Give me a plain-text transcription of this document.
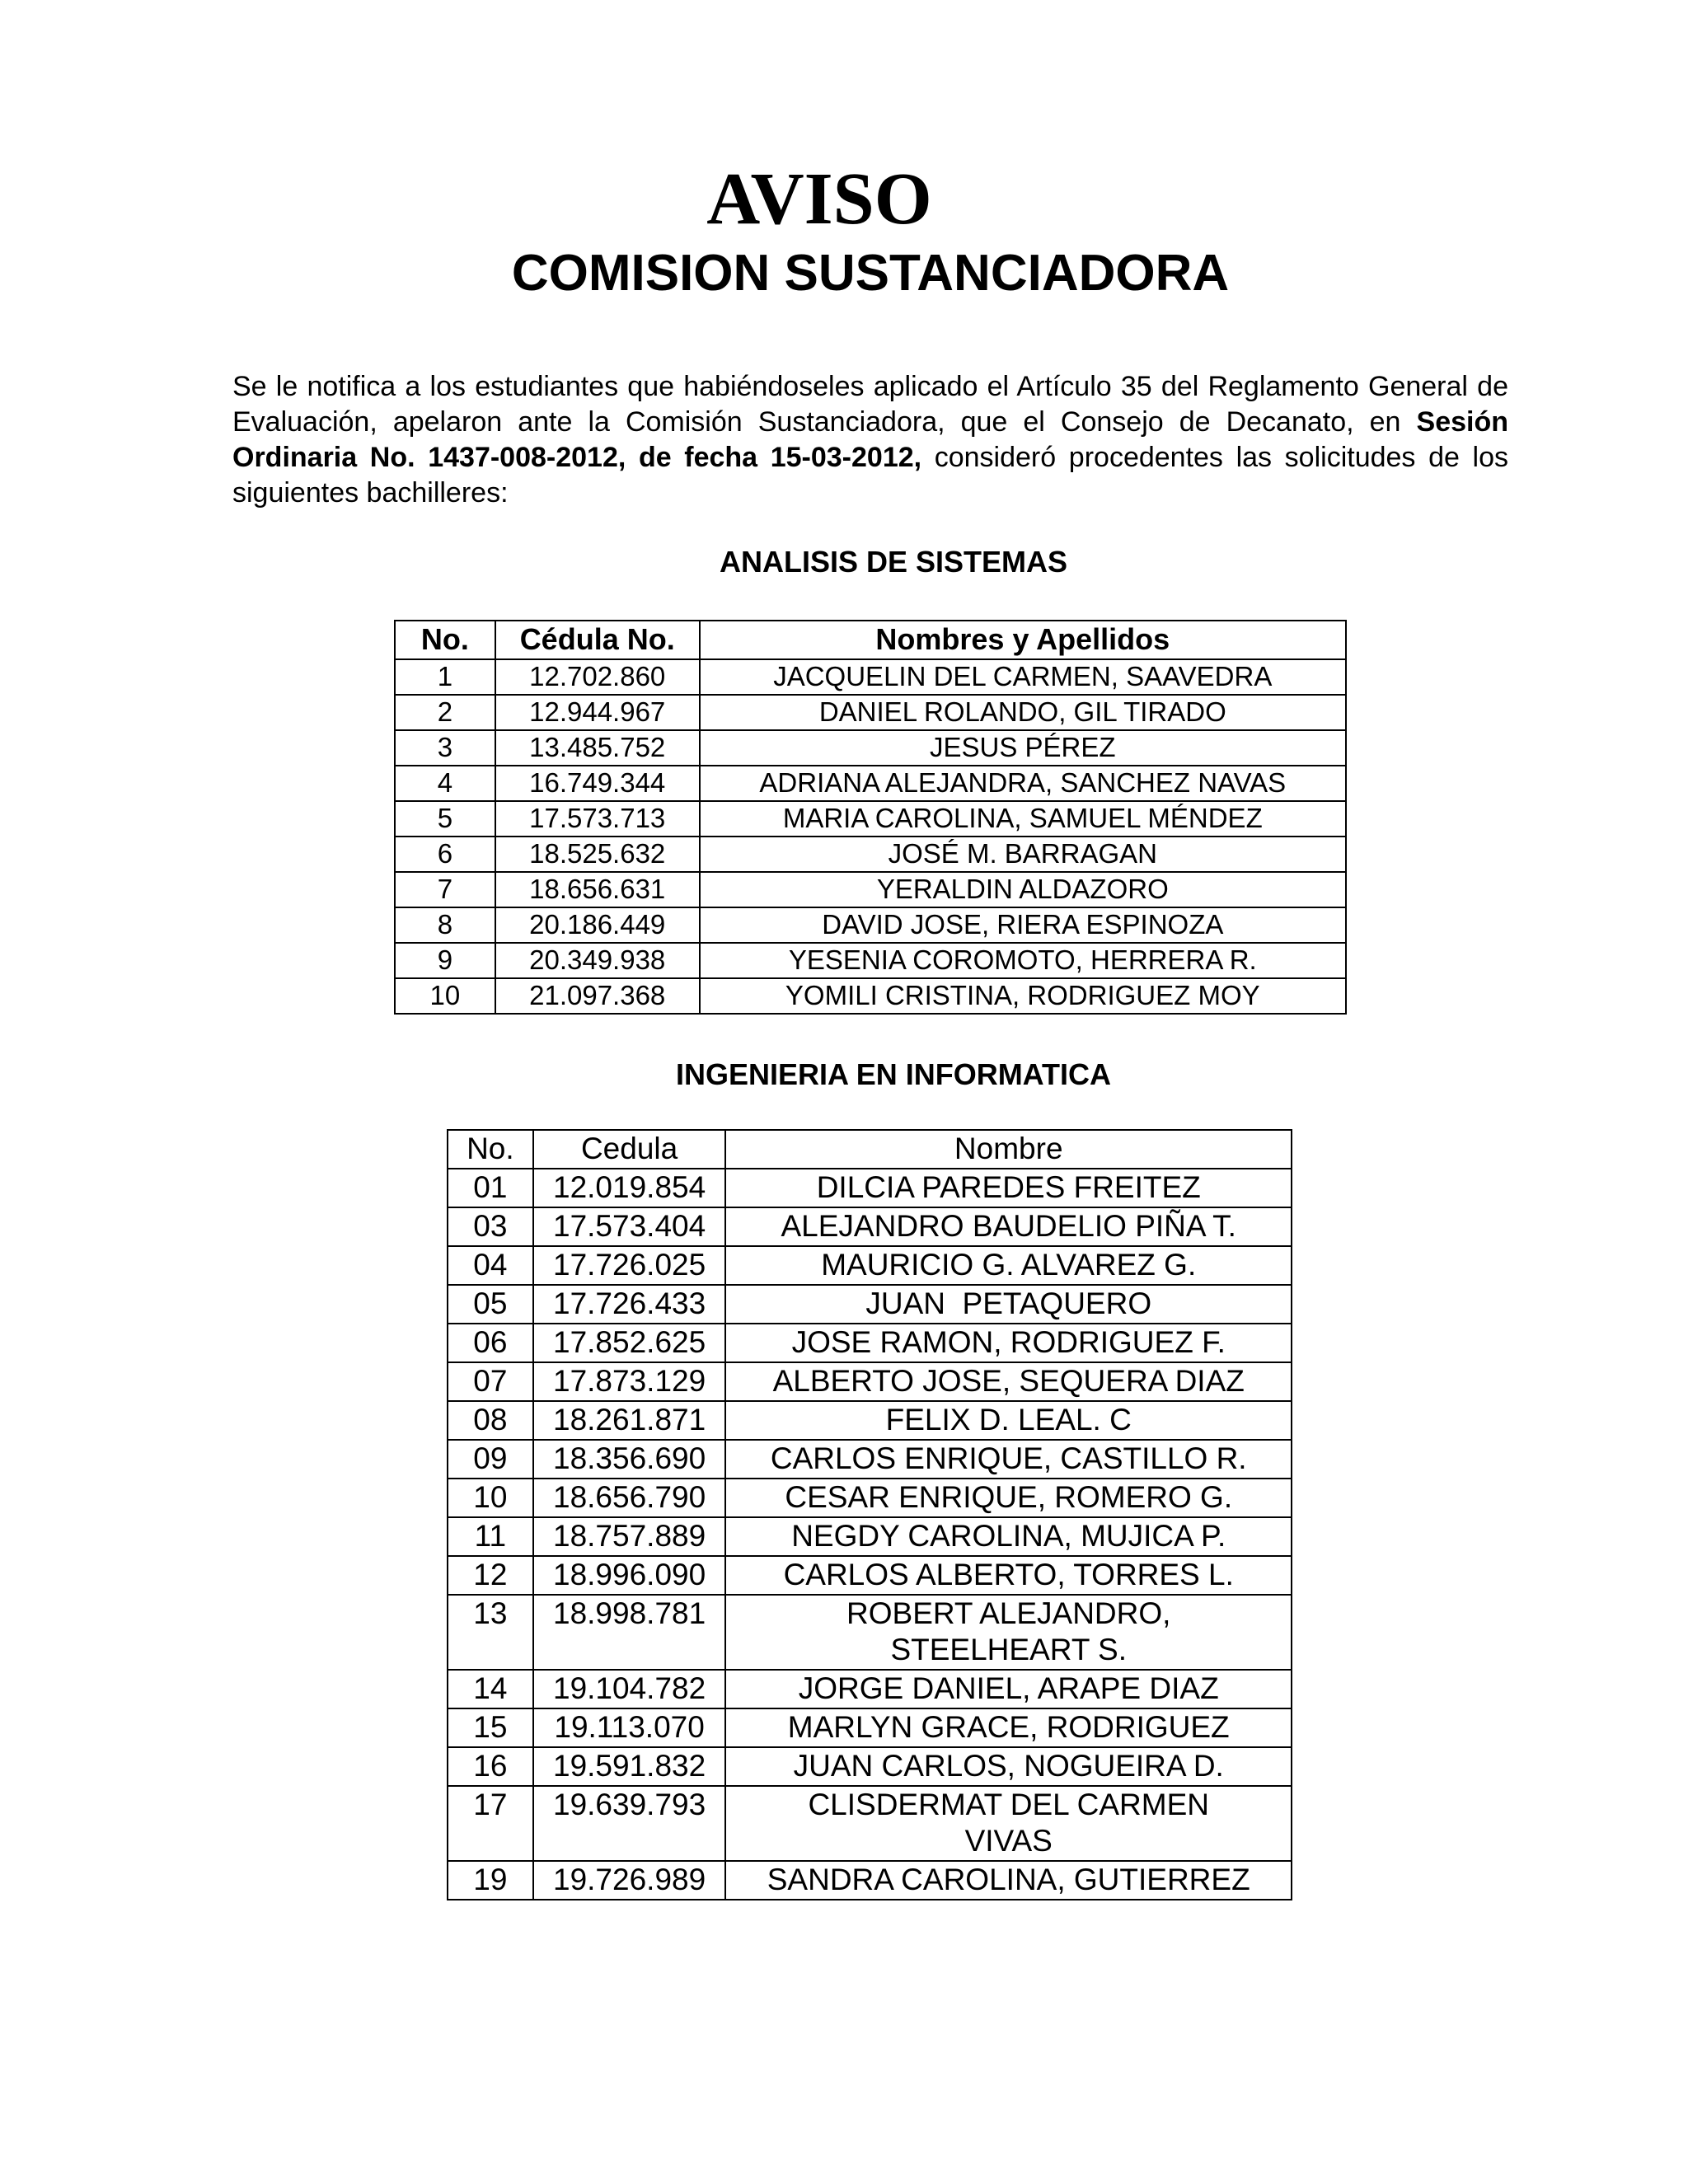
AVISO
COMISION SUSTANCIADORA

Se le notifica a los estudiantes que habiéndoseles aplicado el Artículo 35 del Reglamento General de Evaluación, apelaron ante la Comisión Sustanciadora, que el Consejo de Decanato, en Sesión Ordinaria No. 1437-008-2012, de fecha 15-03-2012, consideró procedentes las solicitudes de los siguientes bachilleres:

ANALISIS DE SISTEMAS
No.	Cédula No.	Nombres y Apellidos
1	12.702.860	JACQUELIN DEL CARMEN, SAAVEDRA
2	12.944.967	DANIEL ROLANDO, GIL TIRADO
3	13.485.752	JESUS PÉREZ
4	16.749.344	ADRIANA ALEJANDRA, SANCHEZ NAVAS
5	17.573.713	MARIA CAROLINA, SAMUEL MÉNDEZ
6	18.525.632	JOSÉ M. BARRAGAN
7	18.656.631	YERALDIN ALDAZORO
8	20.186.449	DAVID JOSE, RIERA ESPINOZA
9	20.349.938	YESENIA COROMOTO, HERRERA R.
10	21.097.368	YOMILI CRISTINA, RODRIGUEZ MOY
INGENIERIA EN INFORMATICA
No.	Cedula	Nombre
01	12.019.854	DILCIA PAREDES FREITEZ
03	17.573.404	ALEJANDRO BAUDELIO PIÑA T.
04	17.726.025	MAURICIO G. ALVAREZ G.
05	17.726.433	JUAN  PETAQUERO
06	17.852.625	JOSE RAMON, RODRIGUEZ F.
07	17.873.129	ALBERTO JOSE, SEQUERA DIAZ
08	18.261.871	FELIX D. LEAL. C
09	18.356.690	CARLOS ENRIQUE, CASTILLO R.
10	18.656.790	CESAR ENRIQUE, ROMERO G.
11	18.757.889	NEGDY CAROLINA, MUJICA P.
12	18.996.090	CARLOS ALBERTO, TORRES L.
13	18.998.781	ROBERT ALEJANDRO, STEELHEART S.
14	19.104.782	JORGE DANIEL, ARAPE DIAZ
15	19.113.070	MARLYN GRACE, RODRIGUEZ
16	19.591.832	JUAN CARLOS, NOGUEIRA D.
17	19.639.793	CLISDERMAT DEL CARMEN VIVAS
19	19.726.989	SANDRA CAROLINA, GUTIERREZ
